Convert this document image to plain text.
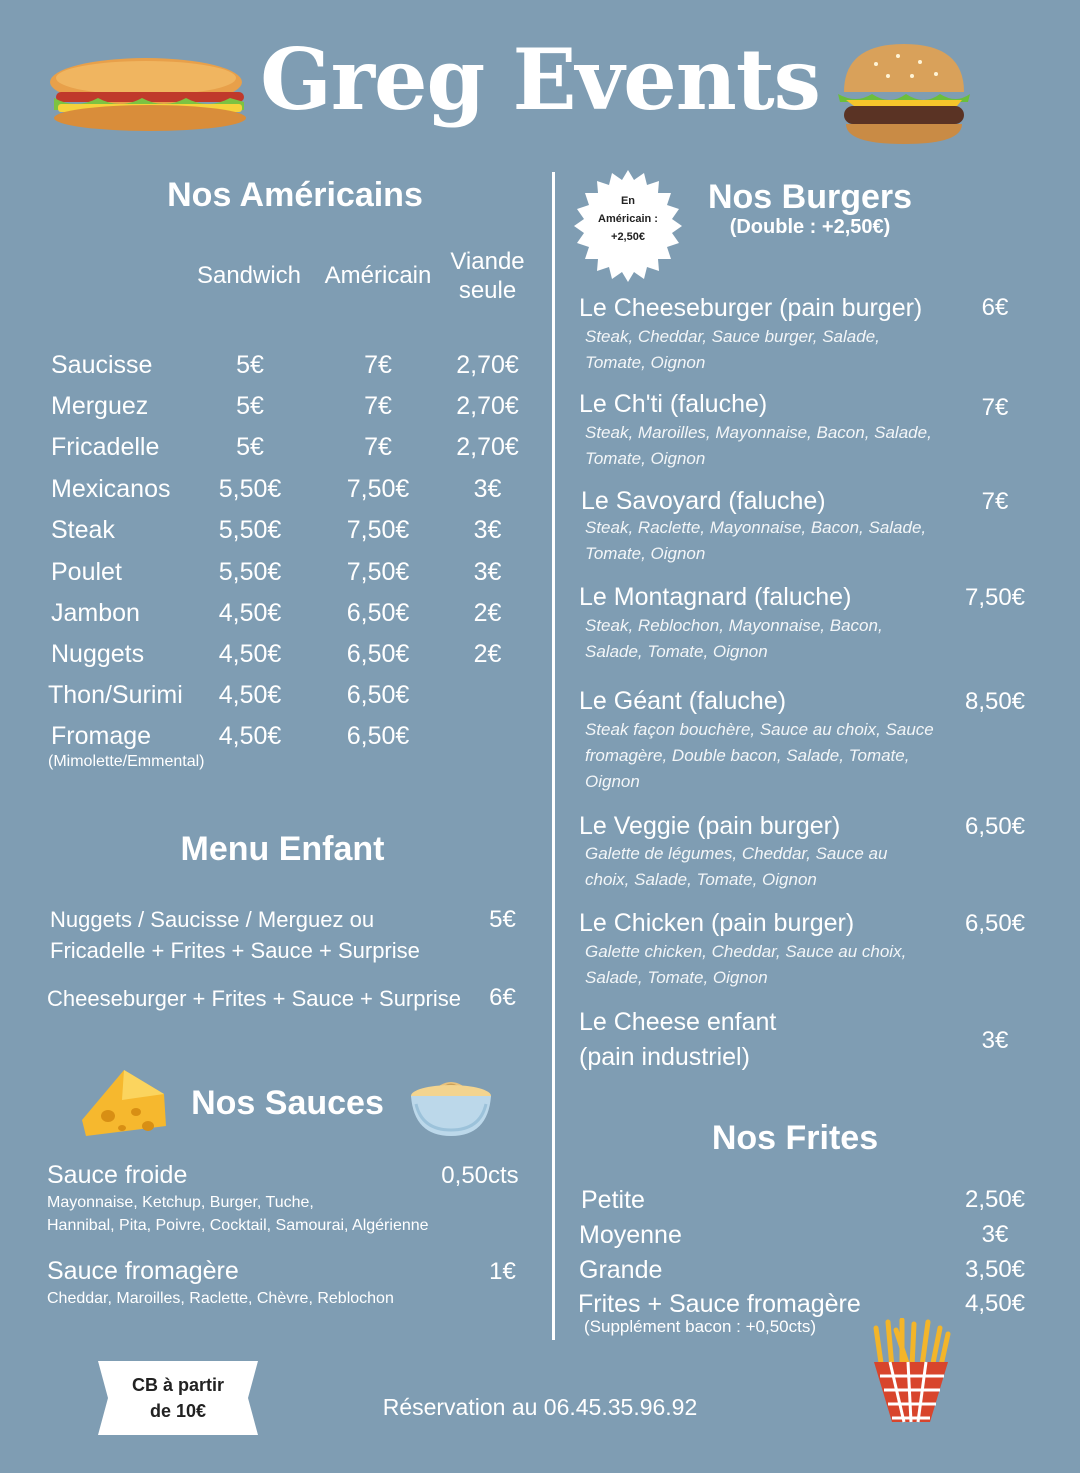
Greg Events
Nos Américains
Sandwich Américain
Viande
seule
Saucisse	5€	7€	2,70€
Merguez	5€	7€	2,70€
Fricadelle	5€	7€	2,70€
Mexicanos	5,50€	7,50€	3€
Steak	5,50€	7,50€	3€
Poulet	5,50€	7,50€	3€
Jambon	4,50€	6,50€	2€
Nuggets	4,50€	6,50€	2€
Thon/Surimi	4,50€	6,50€
Fromage	4,50€	6,50€
(Mimolette/Emmental)
Menu Enfant
Nuggets / Saucisse / Merguez ou
Fricadelle + Frites + Sauce + Surprise
5€
Cheeseburger + Frites + Sauce + Surprise	6€
Nos Sauces
Sauce froide	0,50cts
Mayonnaise, Ketchup, Burger, Tuche,
Hannibal, Pita, Poivre, Cocktail, Samourai, Algérienne
Sauce fromagère	1€
Cheddar, Maroilles, Raclette, Chèvre, Reblochon
En
Américain :
+2,50€
Nos Burgers
(Double : +2,50€)
Le Cheeseburger (pain burger)	6€
Steak, Cheddar, Sauce burger, Salade,
Tomate, Oignon
Le Ch'ti (faluche)	7€
Steak, Maroilles, Mayonnaise, Bacon, Salade,
Tomate, Oignon
Le Savoyard (faluche)	7€
Steak, Raclette, Mayonnaise, Bacon, Salade,
Tomate, Oignon
Le Montagnard (faluche)	7,50€
Steak, Reblochon, Mayonnaise, Bacon,
Salade, Tomate, Oignon
Le Géant (faluche)	8,50€
Steak façon bouchère, Sauce au choix, Sauce
fromagère, Double bacon, Salade, Tomate,
Oignon
Le Veggie (pain burger)	6,50€
Galette de légumes, Cheddar, Sauce au
choix, Salade, Tomate, Oignon
Le Chicken (pain burger)	6,50€
Galette chicken, Cheddar, Sauce au choix,
Salade, Tomate, Oignon
Le Cheese enfant
(pain industriel)
3€
Nos Frites
Petite	2,50€
Moyenne	3€
Grande	3,50€
Frites + Sauce fromagère	4,50€
(Supplément bacon : +0,50cts)
CB à partir
de 10€	Réservation au 06.45.35.96.92
